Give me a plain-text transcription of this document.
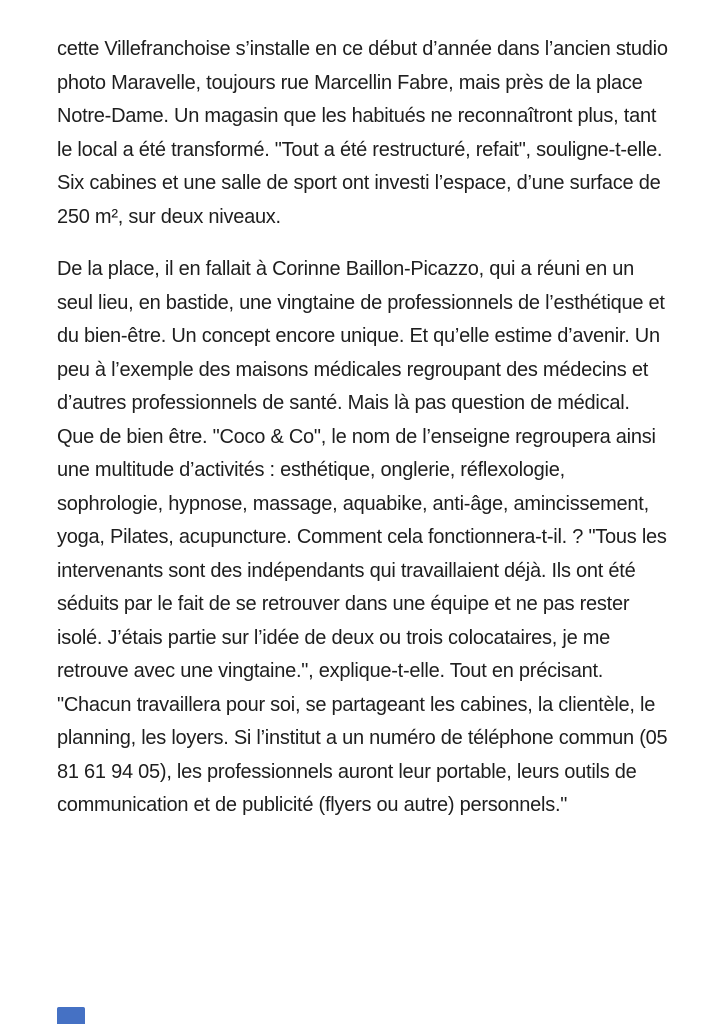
cette Villefranchoise s’installe en ce début d’année dans l’ancien studio photo Maravelle, toujours rue Marcellin Fabre, mais près de la place Notre-Dame. Un magasin que les habitués ne reconnaîtront plus, tant le local a été transformé. "Tout a été restructuré, refait", souligne-t-elle. Six cabines et une salle de sport ont investi l’espace, d’une surface de 250 m², sur deux niveaux.

De la place, il en fallait à Corinne Baillon-Picazzo, qui a réuni en un seul lieu, en bastide, une vingtaine de professionnels de l’esthétique et du bien-être. Un concept encore unique. Et qu’elle estime d’avenir. Un peu à l’exemple des maisons médicales regroupant des médecins et d’autres professionnels de santé. Mais là pas question de médical. Que de bien être. "Coco & Co", le nom de l’enseigne regroupera ainsi une multitude d’activités : esthétique, onglerie, réflexologie, sophrologie, hypnose, massage, aquabike, anti-âge, amincissement, yoga, Pilates, acupuncture. Comment cela fonctionnera-t-il. ? "Tous les intervenants sont des indépendants qui travaillaient déjà. Ils ont été séduits par le fait de se retrouver dans une équipe et ne pas rester isolé. J’étais partie sur l’idée de deux ou trois colocataires, je me retrouve avec une vingtaine.", explique-t-elle. Tout en précisant. "Chacun travaillera pour soi, se partageant les cabines, la clientèle, le planning, les loyers. Si l’institut a un numéro de téléphone commun (05 81 61 94 05), les professionnels auront leur portable, leurs outils de communication et de publicité (flyers ou autre) personnels."
